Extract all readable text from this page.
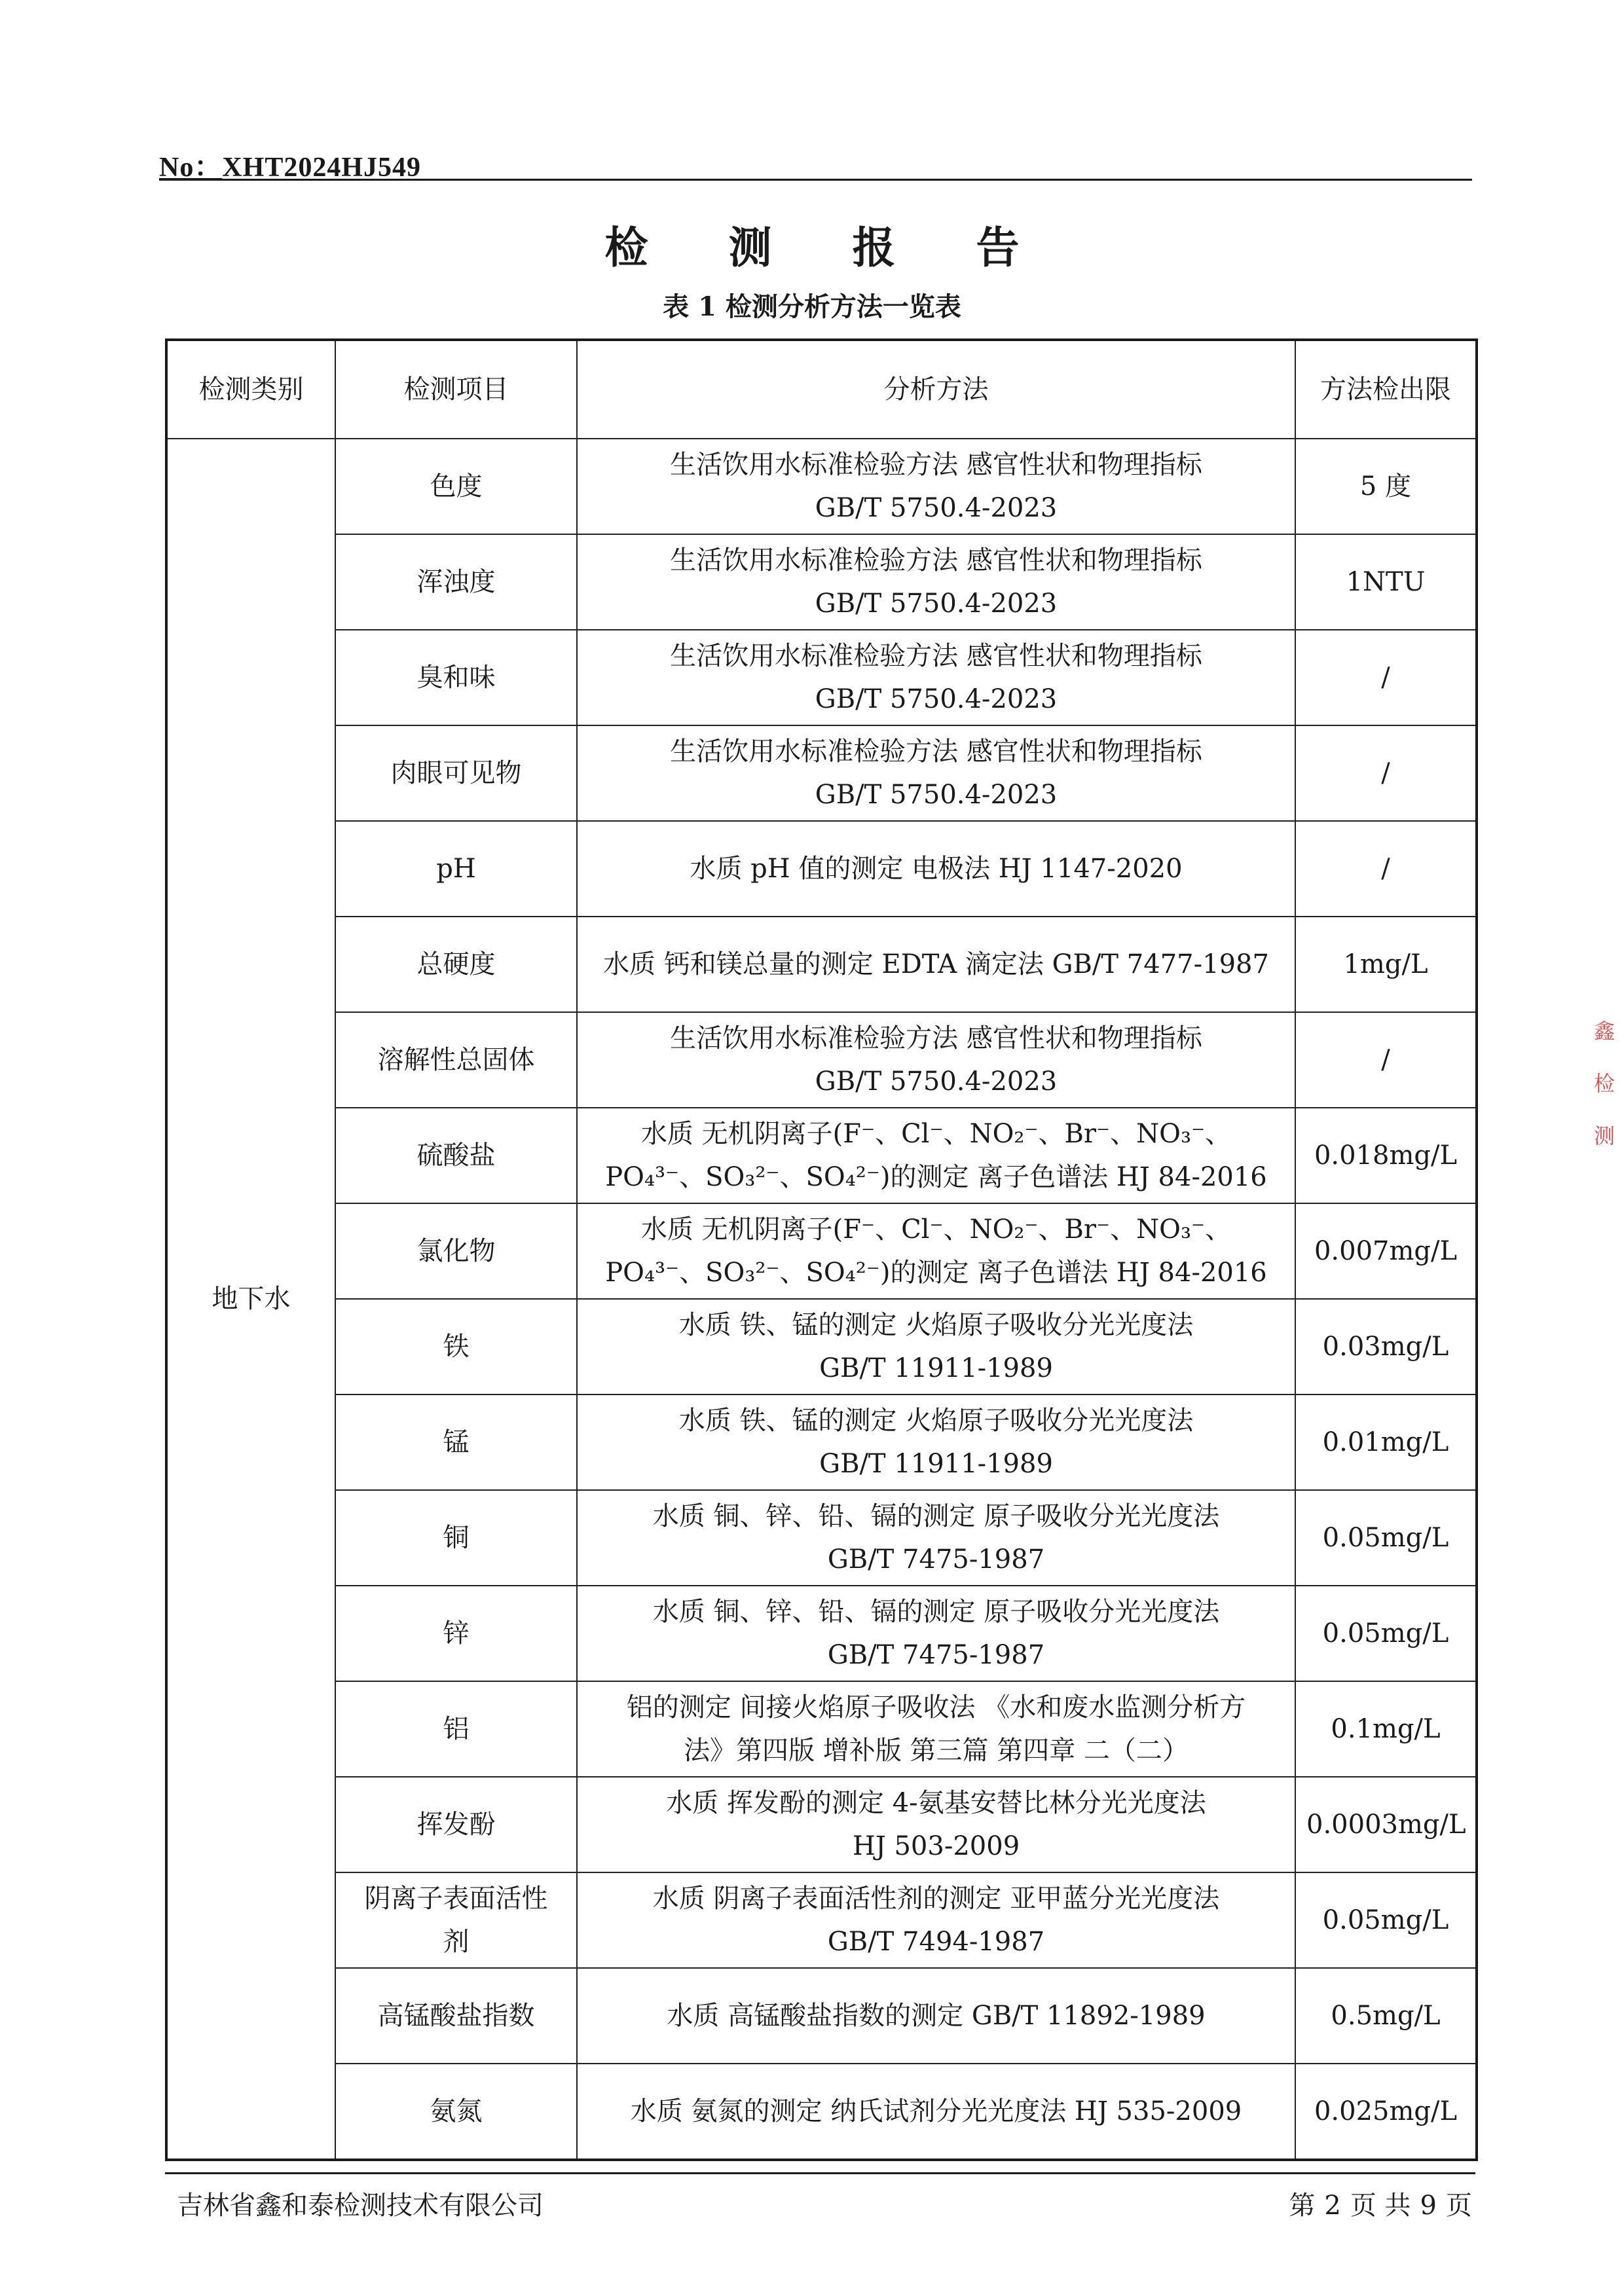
No：XHT2024HJ549
检 测 报 告
表 1 检测分析方法一览表
检测类别	检测项目	分析方法	方法检出限
地下水	色度	生活饮用水标准检验方法 感官性状和物理指标
GB/T 5750.4-2023	5 度

	浑浊度	生活饮用水标准检验方法 感官性状和物理指标
GB/T 5750.4-2023	1NTU

	臭和味	生活饮用水标准检验方法 感官性状和物理指标
GB/T 5750.4-2023	/

	肉眼可见物	生活饮用水标准检验方法 感官性状和物理指标
GB/T 5750.4-2023	/

	pH	水质 pH 值的测定 电极法 HJ 1147-2020	/

	总硬度	水质 钙和镁总量的测定 EDTA 滴定法 GB/T 7477-1987	1mg/L

	溶解性总固体	生活饮用水标准检验方法 感官性状和物理指标
GB/T 5750.4-2023	/

	硫酸盐	水质 无机阴离子(F⁻、Cl⁻、NO₂⁻、Br⁻、NO₃⁻、
PO₄³⁻、SO₃²⁻、SO₄²⁻)的测定 离子色谱法 HJ 84-2016	0.018mg/L

	氯化物	水质 无机阴离子(F⁻、Cl⁻、NO₂⁻、Br⁻、NO₃⁻、
PO₄³⁻、SO₃²⁻、SO₄²⁻)的测定 离子色谱法 HJ 84-2016	0.007mg/L

	铁	水质 铁、锰的测定 火焰原子吸收分光光度法
GB/T 11911-1989	0.03mg/L

	锰	水质 铁、锰的测定 火焰原子吸收分光光度法
GB/T 11911-1989	0.01mg/L

	铜	水质 铜、锌、铅、镉的测定 原子吸收分光光度法
GB/T 7475-1987	0.05mg/L

	锌	水质 铜、锌、铅、镉的测定 原子吸收分光光度法
GB/T 7475-1987	0.05mg/L

	铝	铝的测定 间接火焰原子吸收法 《水和废水监测分析方
法》第四版 增补版 第三篇 第四章 二（二）	0.1mg/L

	挥发酚	水质 挥发酚的测定 4-氨基安替比林分光光度法
HJ 503-2009	0.0003mg/L

	阴离子表面活性
剂	水质 阴离子表面活性剂的测定 亚甲蓝分光光度法
GB/T 7494-1987	0.05mg/L

	高锰酸盐指数	水质 高锰酸盐指数的测定 GB/T 11892-1989	0.5mg/L

	氨氮	水质 氨氮的测定 纳氏试剂分光光度法 HJ 535-2009	0.025mg/L
吉林省鑫和泰检测技术有限公司	第 2 页 共 9 页
鑫 检 测
